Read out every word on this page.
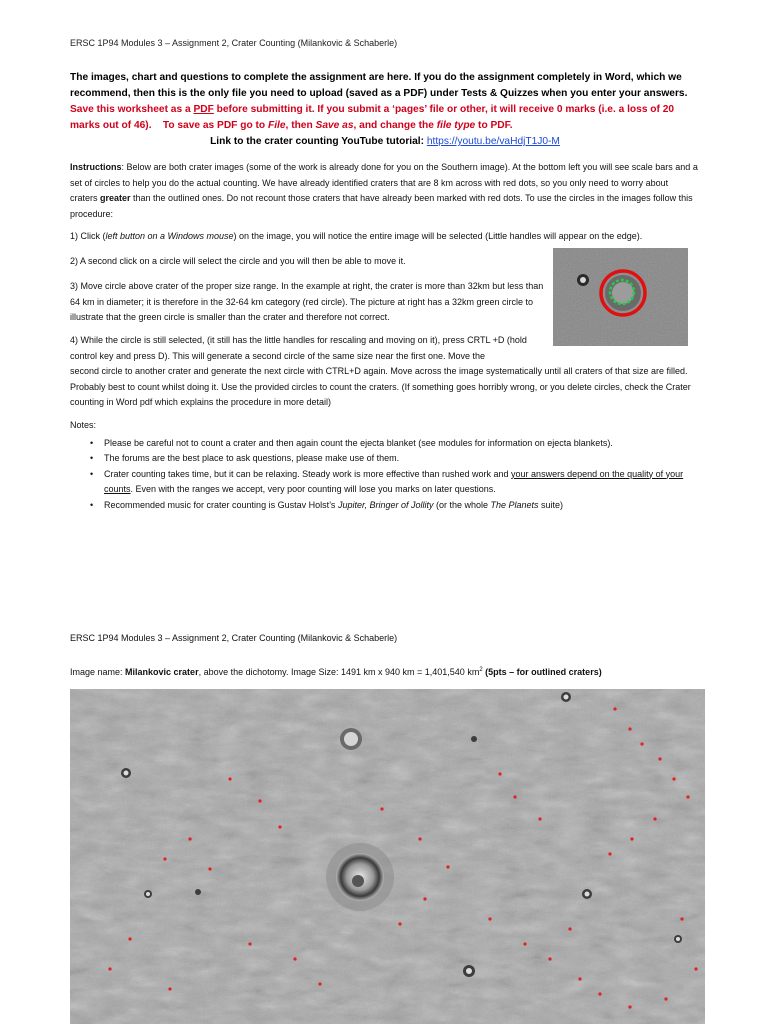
ERSC 1P94 Modules 3 – Assignment 2, Crater Counting (Milankovic & Schaberle)
The images, chart and questions to complete the assignment are here. If you do the assignment completely in Word, which we recommend, then this is the only file you need to upload (saved as a PDF) under Tests & Quizzes when you enter your answers. Save this worksheet as a PDF before submitting it. If you submit a ‘pages’ file or other, it will receive 0 marks (i.e. a loss of 20 marks out of 46). To save as PDF go to File, then Save as, and change the file type to PDF.
Link to the crater counting YouTube tutorial: https://youtu.be/vaHdjT1J0-M
Instructions: Below are both crater images (some of the work is already done for you on the Southern image). At the bottom left you will see scale bars and a set of circles to help you do the actual counting. We have already identified craters that are 8 km across with red dots, so you only need to worry about craters greater than the outlined ones. Do not recount those craters that have already been marked with red dots. To use the circles in the images follow this procedure:
1) Click (left button on a Windows mouse) on the image, you will notice the entire image will be selected (Little handles will appear on the edge).
2) A second click on a circle will select the circle and you will then be able to move it.
3) Move circle above crater of the proper size range. In the example at right, the crater is more than 32km but less than 64 km in diameter; it is therefore in the 32-64 km category (red circle). The picture at right has a 32km green circle to illustrate that the green circle is smaller than the crater and therefore not correct.
4) While the circle is still selected, (it still has the little handles for rescaling and moving on it), press CRTL +D (hold control key and press D). This will generate a second circle of the same size near the first one. Move the
second circle to another crater and generate the next circle with CTRL+D again. Move across the image systematically until all craters of that size are filled. Probably best to count whilst doing it. Use the provided circles to count the craters. (If something goes horribly wrong, or you delete circles, check the Crater counting in Word pdf which explains the procedure in more detail)
Notes:
• Please be careful not to count a crater and then again count the ejecta blanket (see modules for information on ejecta blankets).
• The forums are the best place to ask questions, please make use of them.
• Crater counting takes time, but it can be relaxing. Steady work is more effective than rushed work and your answers depend on the quality of your counts. Even with the ranges we accept, very poor counting will lose you marks on later questions.
• Recommended music for crater counting is Gustav Holst’s Jupiter, Bringer of Jollity (or the whole The Planets suite)
ERSC 1P94 Modules 3 – Assignment 2, Crater Counting (Milankovic & Schaberle)
Image name: Milankovic crater, above the dichotomy. Image Size: 1491 km x 940 km = 1,401,540 $km^2$ (5pts – for outlined craters)
